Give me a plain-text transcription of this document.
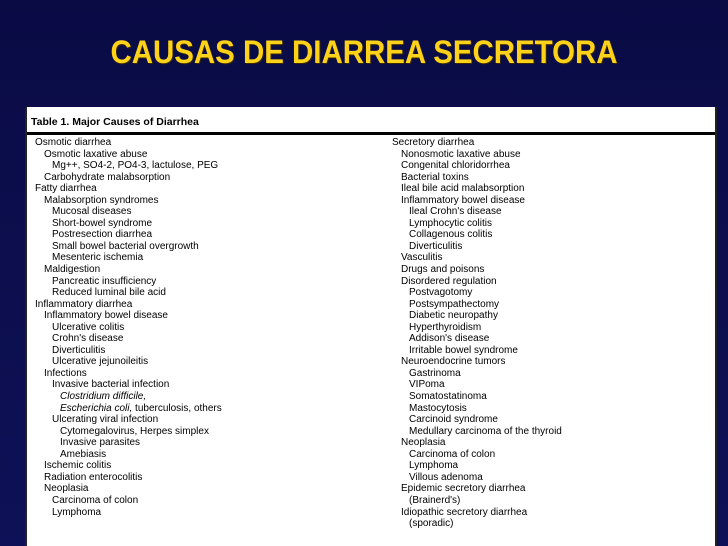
CAUSAS DE DIARREA SECRETORA
Table 1. Major Causes of Diarrhea
Osmotic diarrhea
Osmotic laxative abuse
Mg++, SO4-2, PO4-3, lactulose, PEG
Carbohydrate malabsorption
Fatty diarrhea
Malabsorption syndromes
Mucosal diseases
Short-bowel syndrome
Postresection diarrhea
Small bowel bacterial overgrowth
Mesenteric ischemia
Maldigestion
Pancreatic insufficiency
Reduced luminal bile acid
Inflammatory diarrhea
Inflammatory bowel disease
Ulcerative colitis
Crohn's disease
Diverticulitis
Ulcerative jejunoileitis
Infections
Invasive bacterial infection
Clostridium difficile,
Escherichia coli, tuberculosis, others
Ulcerating viral infection
Cytomegalovirus, Herpes simplex
Invasive parasites
Amebiasis
Ischemic colitis
Radiation enterocolitis
Neoplasia
Carcinoma of colon
Lymphoma
Secretory diarrhea
Nonosmotic laxative abuse
Congenital chloridorrhea
Bacterial toxins
Ileal bile acid malabsorption
Inflammatory bowel disease
Ileal Crohn's disease
Lymphocytic colitis
Collagenous colitis
Diverticulitis
Vasculitis
Drugs and poisons
Disordered regulation
Postvagotomy
Postsympathectomy
Diabetic neuropathy
Hyperthyroidism
Addison's disease
Irritable bowel syndrome
Neuroendocrine tumors
Gastrinoma
VIPoma
Somatostatinoma
Mastocytosis
Carcinoid syndrome
Medullary carcinoma of the thyroid
Neoplasia
Carcinoma of colon
Lymphoma
Villous adenoma
Epidemic secretory diarrhea
(Brainerd's)
Idiopathic secretory diarrhea
(sporadic)
